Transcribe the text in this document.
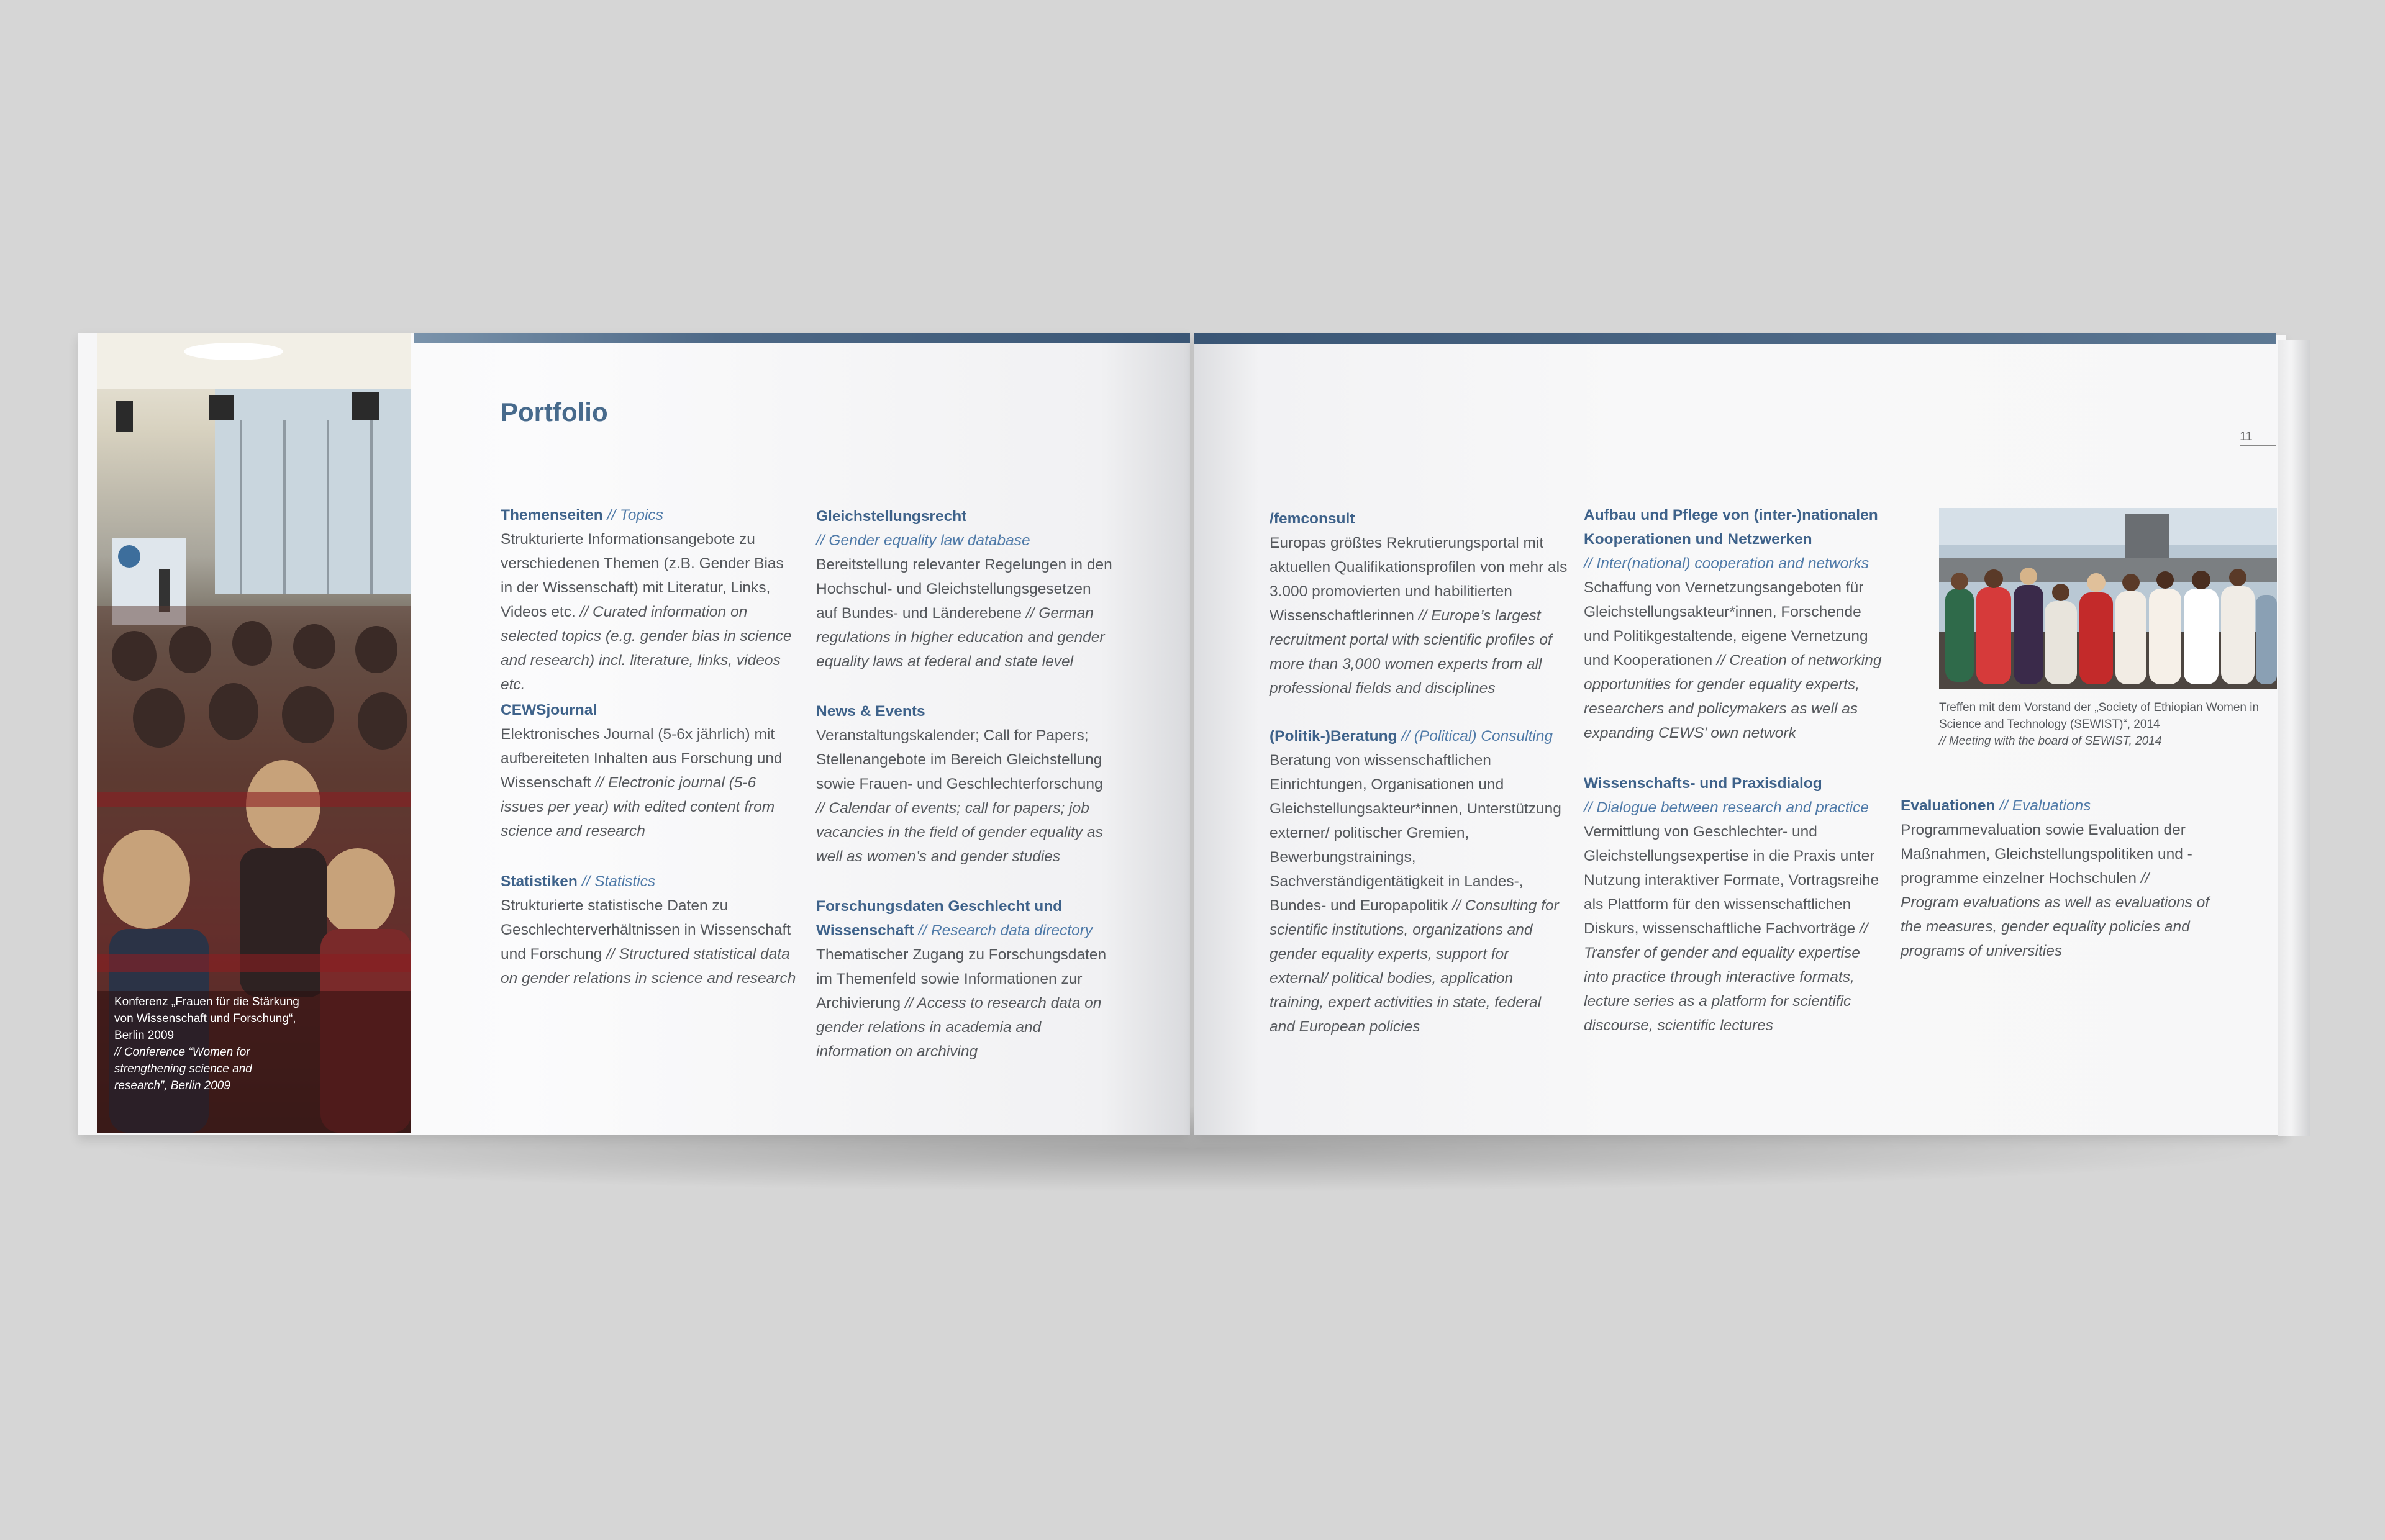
Konferenz „Frauen für die Stärkung von Wissenschaft und Forschung“, Berlin 2009
// Conference “Women for strengthening science and research”, Berlin 2009
Treffen mit dem Vorstand der „Society of Ethiopian Women in Science and Technology (SEWIST)“, 2014
// Meeting with the board of SEWIST, 2014
Portfolio
11
Themenseiten // Topics
Strukturierte Informationsangebote zu verschiedenen Themen (z.B. Gender Bias in der Wissenschaft) mit Literatur, Links, Videos etc. // Curated information on selected topics (e.g. gender bias in science and research) incl. literature, links, videos etc.
CEWSjournal
Elektronisches Journal (5-6x jährlich) mit aufbereiteten Inhalten aus Forschung und Wissenschaft // Electronic journal (5-6 issues per year) with edited content from science and research
Statistiken // Statistics
Strukturierte statistische Daten zu Geschlechterverhältnissen in Wissenschaft und Forschung // Structured statistical data on gender relations in science and research
Gleichstellungsrecht
// Gender equality law database
Bereitstellung relevanter Regelungen in den Hochschul- und Gleichstellungsgesetzen auf Bundes- und Länderebene // German regulations in higher education and gender equality laws at federal and state level
News & Events
Veranstaltungskalender; Call for Papers; Stellenangebote im Bereich Gleichstellung sowie Frauen- und Geschlechterforschung // Calendar of events; call for papers; job vacancies in the field of gender equality as well as women’s and gender studies
Forschungsdaten Geschlecht und Wissenschaft // Research data directory
Thematischer Zugang zu Forschungsdaten im Themenfeld sowie Informationen zur Archivierung // Access to research data on gender relations in academia and information on archiving
/femconsult
Europas größtes Rekrutierungsportal mit aktuellen Qualifikationsprofilen von mehr als 3.000 promovierten und habilitierten Wissenschaftlerinnen // Europe’s largest recruitment portal with scientific profiles of more than 3,000 women experts from all professional fields and disciplines
(Politik-)Beratung // (Political) Consulting
Beratung von wissenschaftlichen Einrichtungen, Organisationen und Gleichstellungsakteur*innen, Unterstützung externer/ politischer Gremien, Bewerbungstrainings, Sachverständigentätigkeit in Landes-, Bundes- und Europapolitik // Consulting for scientific institutions, organizations and gender equality experts, support for external/ political bodies, application training, expert activities in state, federal and European policies
Aufbau und Pflege von (inter-)nationalen Kooperationen und Netzwerken
// Inter(national) cooperation and networks
Schaffung von Vernetzungsangeboten für Gleichstellungsakteur*innen, Forschende und Politikgestaltende, eigene Vernetzung und Kooperationen // Creation of networking opportunities for gender equality experts, researchers and policymakers as well as expanding CEWS’ own network
Wissenschafts- und Praxisdialog
// Dialogue between research and practice
Vermittlung von Geschlechter- und Gleichstellungsexpertise in die Praxis unter Nutzung interaktiver Formate, Vortragsreihe als Plattform für den wissenschaftlichen Diskurs, wissenschaftliche Fachvorträge // Transfer of gender and equality expertise into practice through interactive formats, lecture series as a platform for scientific discourse, scientific lectures
Evaluationen // Evaluations
Programmevaluation sowie Evaluation der Maßnahmen, Gleichstellungspolitiken und -programme einzelner Hochschulen // Program evaluations as well as evaluations of the measures, gender equality policies and programs of universities
